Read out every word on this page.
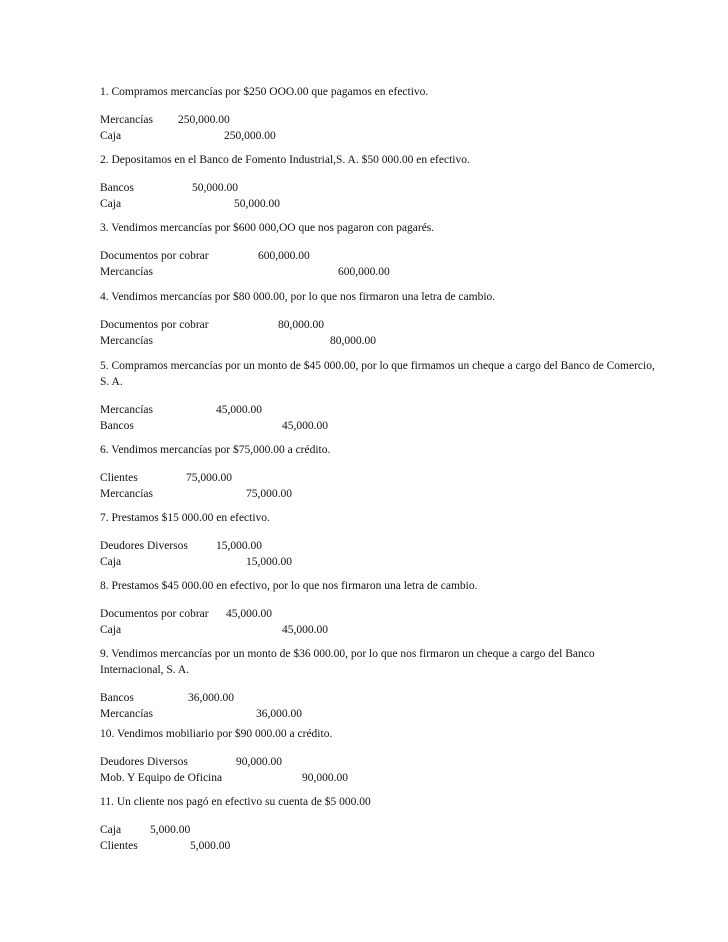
1. Compramos mercancías por $250 OOO.00 que pagamos en efectivo.

Mercancías 250,000.00
Caja	250,000.00

2. Depositamos en el Banco de Fomento Industrial,S. A. $50 000.00 en efectivo.

Bancos	50,000.00
Caja	50,000.00

3. Vendimos mercancías por $600 000,OO que nos pagaron con pagarés.

Documentos por cobrar	600,000.00
Mercancías	600,000.00

4. Vendimos mercancías por $80 000.00, por lo que nos firmaron una letra de cambio.

Documentos por cobrar	80,000.00
Mercancías	80,000.00

5. Compramos mercancías por un monto de $45 000.00, por lo que firmamos un cheque a cargo del Banco de Comercio, S. A.

Mercancías	45,000.00
Bancos	45,000.00

6. Vendimos mercancías por $75,000.00 a crédito.

Clientes	75,000.00
Mercancías	75,000.00

7. Prestamos $15 000.00 en efectivo.

Deudores Diversos 15,000.00
Caja	15,000.00

8. Prestamos $45 000.00 en efectivo, por lo que nos firmaron una letra de cambio.

Documentos por cobrar 45,000.00
Caja	45,000.00

9. Vendimos mercancías por un monto de $36 000.00, por lo que nos firmaron un cheque a cargo del Banco Internacional, S. A.

Bancos	36,000.00
Mercancías	36,000.00

10. Vendimos mobiliario por $90 000.00 a crédito.

Deudores Diversos	90,000.00
Mob. Y Equipo de Oficina	90,000.00

11. Un cliente nos pagó en efectivo su cuenta de $5 000.00

Caja	5,000.00
Clientes	5,000.00
